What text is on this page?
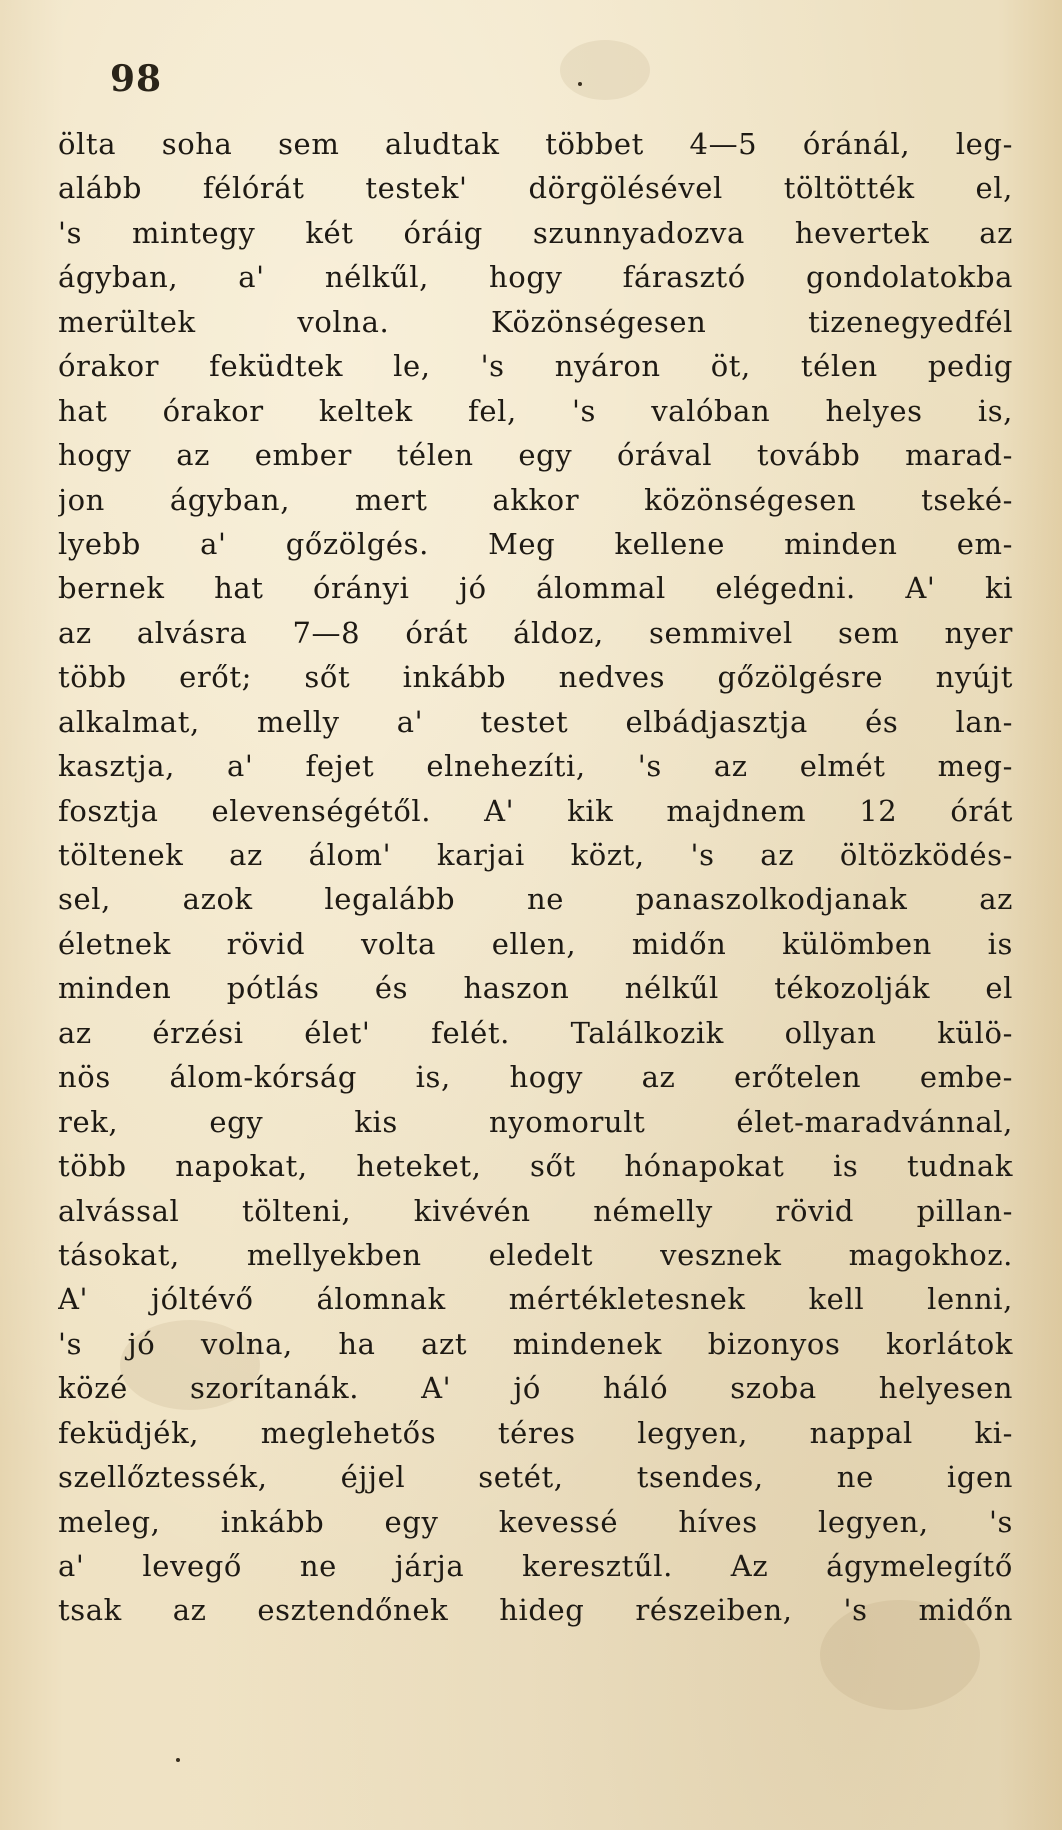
98
ölta soha sem aludtak többet 4—5 óránál, leg-
alább félórát testek' dörgölésével töltötték el,
's mintegy két óráig szunnyadozva hevertek az
ágyban, a' nélkűl, hogy fárasztó gondolatokba
merültek volna. Közönségesen tizenegyedfél
órakor feküdtek le, 's nyáron öt, télen pedig
hat órakor keltek fel, 's valóban helyes is,
hogy az ember télen egy órával tovább marad-
jon ágyban, mert akkor közönségesen tseké-
lyebb a' gőzölgés. Meg kellene minden em-
bernek hat órányi jó álommal elégedni. A' ki
az alvásra 7—8 órát áldoz, semmivel sem nyer
több erőt; sőt inkább nedves gőzölgésre nyújt
alkalmat, melly a' testet elbádjasztja és lan-
kasztja, a' fejet elnehezíti, 's az elmét meg-
fosztja elevenségétől. A' kik majdnem 12 órát
töltenek az álom' karjai közt, 's az öltözködés-
sel, azok legalább ne panaszolkodjanak az
életnek rövid volta ellen, midőn külömben is
minden pótlás és haszon nélkűl tékozolják el
az érzési élet' felét. Találkozik ollyan külö-
nös álom-kórság is, hogy az erőtelen embe-
rek, egy kis nyomorult élet-maradvánnal,
több napokat, heteket, sőt hónapokat is tudnak
alvással tölteni, kivévén némelly rövid pillan-
tásokat, mellyekben eledelt vesznek magokhoz.
A' jóltévő álomnak mértékletesnek kell lenni,
's jó volna, ha azt mindenek bizonyos korlátok
közé szorítanák. A' jó háló szoba helyesen
feküdjék, meglehetős téres legyen, nappal ki-
szellőztessék, éjjel setét, tsendes, ne igen
meleg, inkább egy kevessé híves legyen, 's
a' levegő ne járja keresztűl. Az ágymelegítő
tsak az esztendőnek hideg részeiben, 's midőn
